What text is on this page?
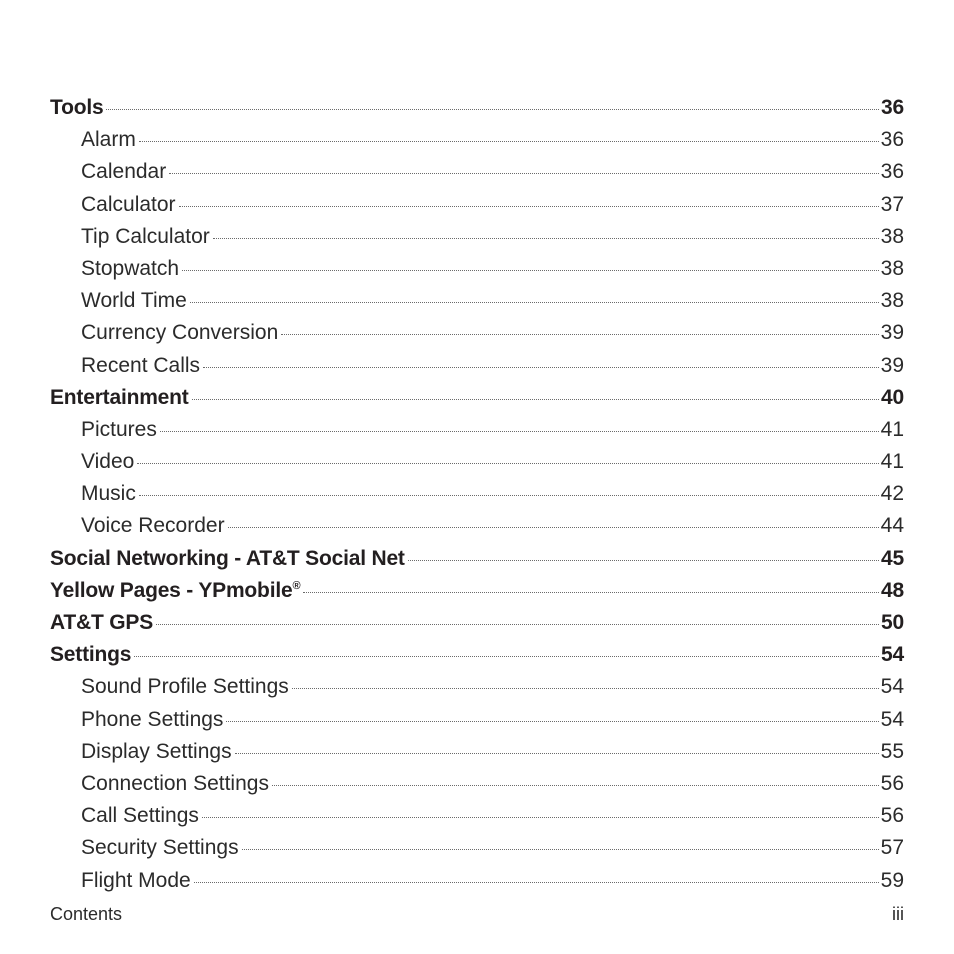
Tools	36
Alarm	36
Calendar	36
Calculator	37
Tip Calculator	38
Stopwatch	38
World Time	38
Currency Conversion	39
Recent Calls	39
Entertainment	40
Pictures	41
Video	41
Music	42
Voice Recorder	44
Social Networking - AT&T Social Net	45
Yellow Pages - YPmobile®	48
AT&T GPS	50
Settings	54
Sound Profile Settings	54
Phone Settings	54
Display Settings	55
Connection Settings	56
Call Settings	56
Security Settings	57
Flight Mode	59
Contents	iii
